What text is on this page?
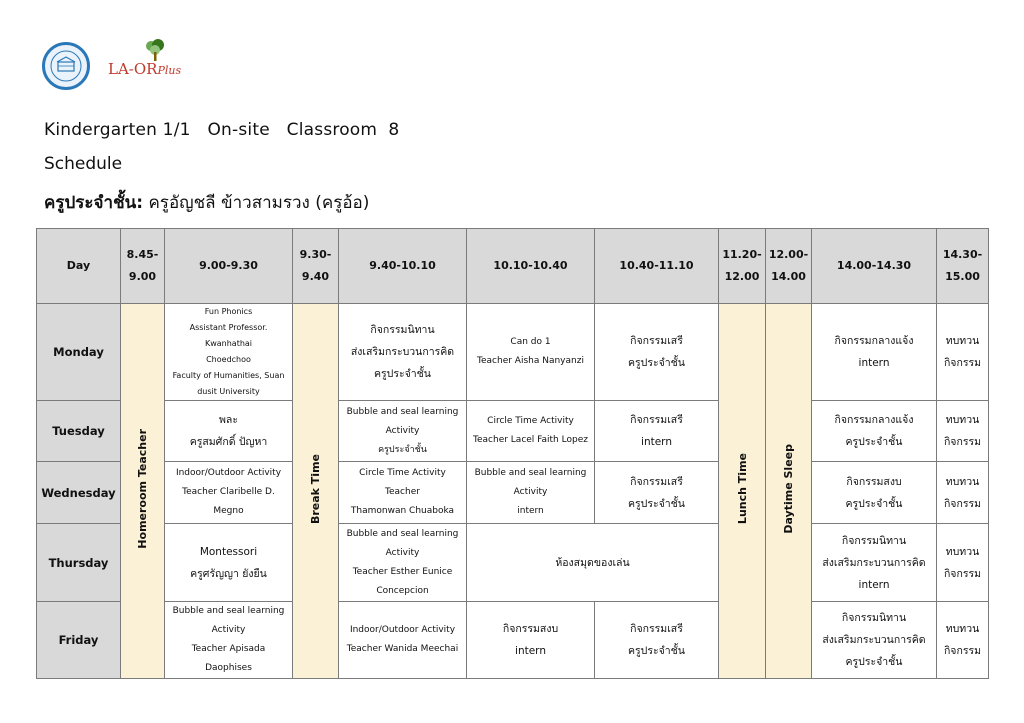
LA-ORPlus
Kindergarten 1/1   On-site   Classroom  8
Schedule
ครูประจำชั้น: ครูอัญชลี ข้าวสามรวง (ครูอ้อ)
Day	8.45-9.00	9.00-9.30	9.30-9.40	9.40-10.10	10.10-10.40	10.40-11.10	11.20-12.00	12.00-14.00	14.00-14.30	14.30-15.00
Monday	Homeroom Teacher	Fun Phonics
Assistant Professor. Kwanhathai
Choedchoo
Faculty of Humanities, Suan
dusit University	Break Time	กิจกรรมนิทาน
ส่งเสริมกระบวนการคิด
ครูประจำชั้น	Can do 1
Teacher Aisha Nanyanzi	กิจกรรมเสรี
ครูประจำชั้น	Lunch Time	Daytime Sleep	กิจกรรมกลางแจ้ง
intern	ทบทวน
กิจกรรม

Tuesday		พละ
ครูสมศักดิ์ ปัญหา		Bubble and seal learning
Activity
ครูประจำชั้น	Circle Time Activity
Teacher Lacel Faith Lopez	กิจกรรมเสรี
intern			กิจกรรมกลางแจ้ง
ครูประจำชั้น	ทบทวน
กิจกรรม

Wednesday		Indoor/Outdoor Activity
Teacher Claribelle D.
Megno		Circle Time Activity
Teacher
Thamonwan Chuaboka	Bubble and seal learning
Activity
intern	กิจกรรมเสรี
ครูประจำชั้น			กิจกรรมสงบ
ครูประจำชั้น	ทบทวน
กิจกรรม

Thursday		Montessori
ครูศรัญญา ยังยืน		Bubble and seal learning
Activity
Teacher Esther Eunice
Concepcion	ห้องสมุดของเล่น				กิจกรรมนิทาน
ส่งเสริมกระบวนการคิด
intern	ทบทวน
กิจกรรม

Friday		Bubble and seal learning
Activity
Teacher Apisada Daophises		Indoor/Outdoor Activity
Teacher Wanida Meechai	กิจกรรมสงบ
intern	กิจกรรมเสรี
ครูประจำชั้น			กิจกรรมนิทาน
ส่งเสริมกระบวนการคิด
ครูประจำชั้น	ทบทวน
กิจกรรม
